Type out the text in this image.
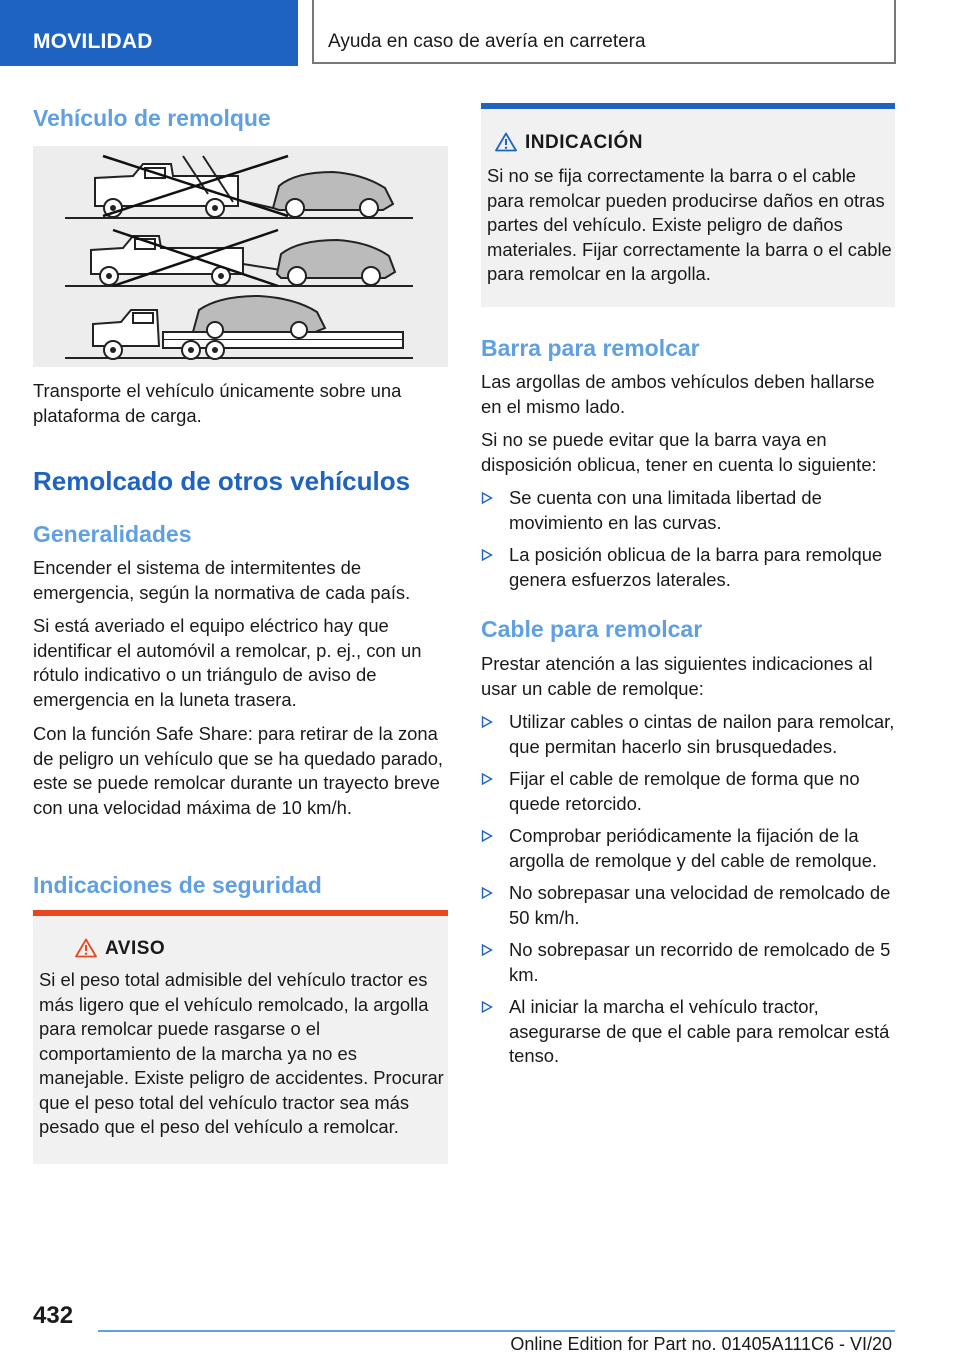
MOVILIDAD	Ayuda en caso de avería en carretera
Vehículo de remolque
Transporte el vehículo únicamente sobre una plataforma de carga.
Remolcado de otros vehículos
Generalidades
Encender el sistema de intermitentes de emergencia, según la normativa de cada país.
Si está averiado el equipo eléctrico hay que identificar el automóvil a remolcar, p. ej., con un rótulo indicativo o un triángulo de aviso de emergencia en la luneta trasera.
Con la función Safe Share: para retirar de la zona de peligro un vehículo que se ha quedado parado, este se puede remolcar durante un trayecto breve con una velocidad máxima de 10 km/h.
Indicaciones de seguridad
AVISO
Si el peso total admisible del vehículo tractor es más ligero que el vehículo remolcado, la argolla para remolcar puede rasgarse o el comportamiento de la marcha ya no es manejable. Existe peligro de accidentes. Procurar que el peso total del vehículo tractor sea más pesado que el peso del vehículo a remolcar.
INDICACIÓN
Si no se fija correctamente la barra o el cable para remolcar pueden producirse daños en otras partes del vehículo. Existe peligro de daños materiales. Fijar correctamente la barra o el cable para remolcar en la argolla.
Barra para remolcar
Las argollas de ambos vehículos deben hallarse en el mismo lado.
Si no se puede evitar que la barra vaya en disposición oblicua, tener en cuenta lo siguiente:
Se cuenta con una limitada libertad de movimiento en las curvas.
La posición oblicua de la barra para remolque genera esfuerzos laterales.
Cable para remolcar
Prestar atención a las siguientes indicaciones al usar un cable de remolque:
Utilizar cables o cintas de nailon para remolcar, que permitan hacerlo sin brusquedades.
Fijar el cable de remolque de forma que no quede retorcido.
Comprobar periódicamente la fijación de la argolla de remolque y del cable de remolque.
No sobrepasar una velocidad de remolcado de 50 km/h.
No sobrepasar un recorrido de remolcado de 5 km.
Al iniciar la marcha el vehículo tractor, asegurarse de que el cable para remolcar está tenso.
432
Online Edition for Part no. 01405A111C6 - VI/20
